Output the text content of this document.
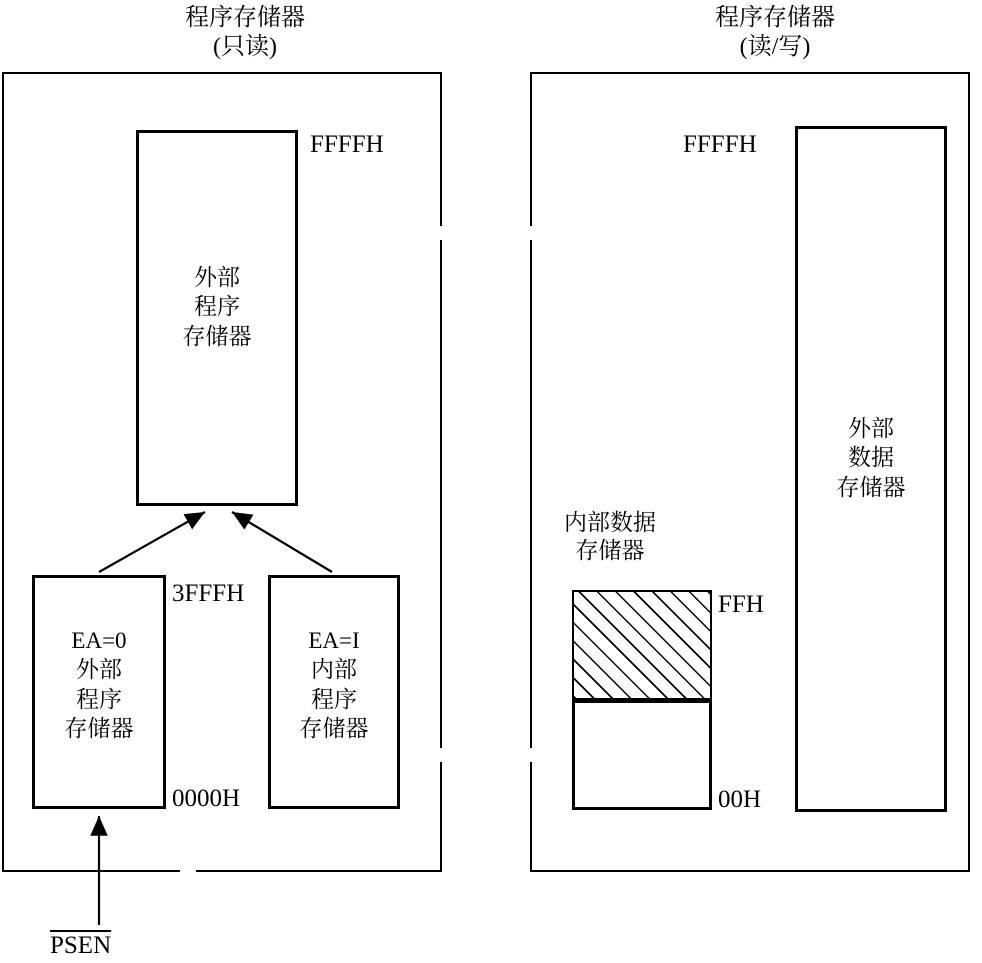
程序存储器
(只读)
程序存储器
(读/写)
外部
程序
存储器
FFFFH
EA=0
外部
程序
存储器
EA=I
内部
程序
存储器
3FFFH
0000H
PSEN
外部
数据
存储器
FFFFH
内部数据
存储器
FFH
00H
